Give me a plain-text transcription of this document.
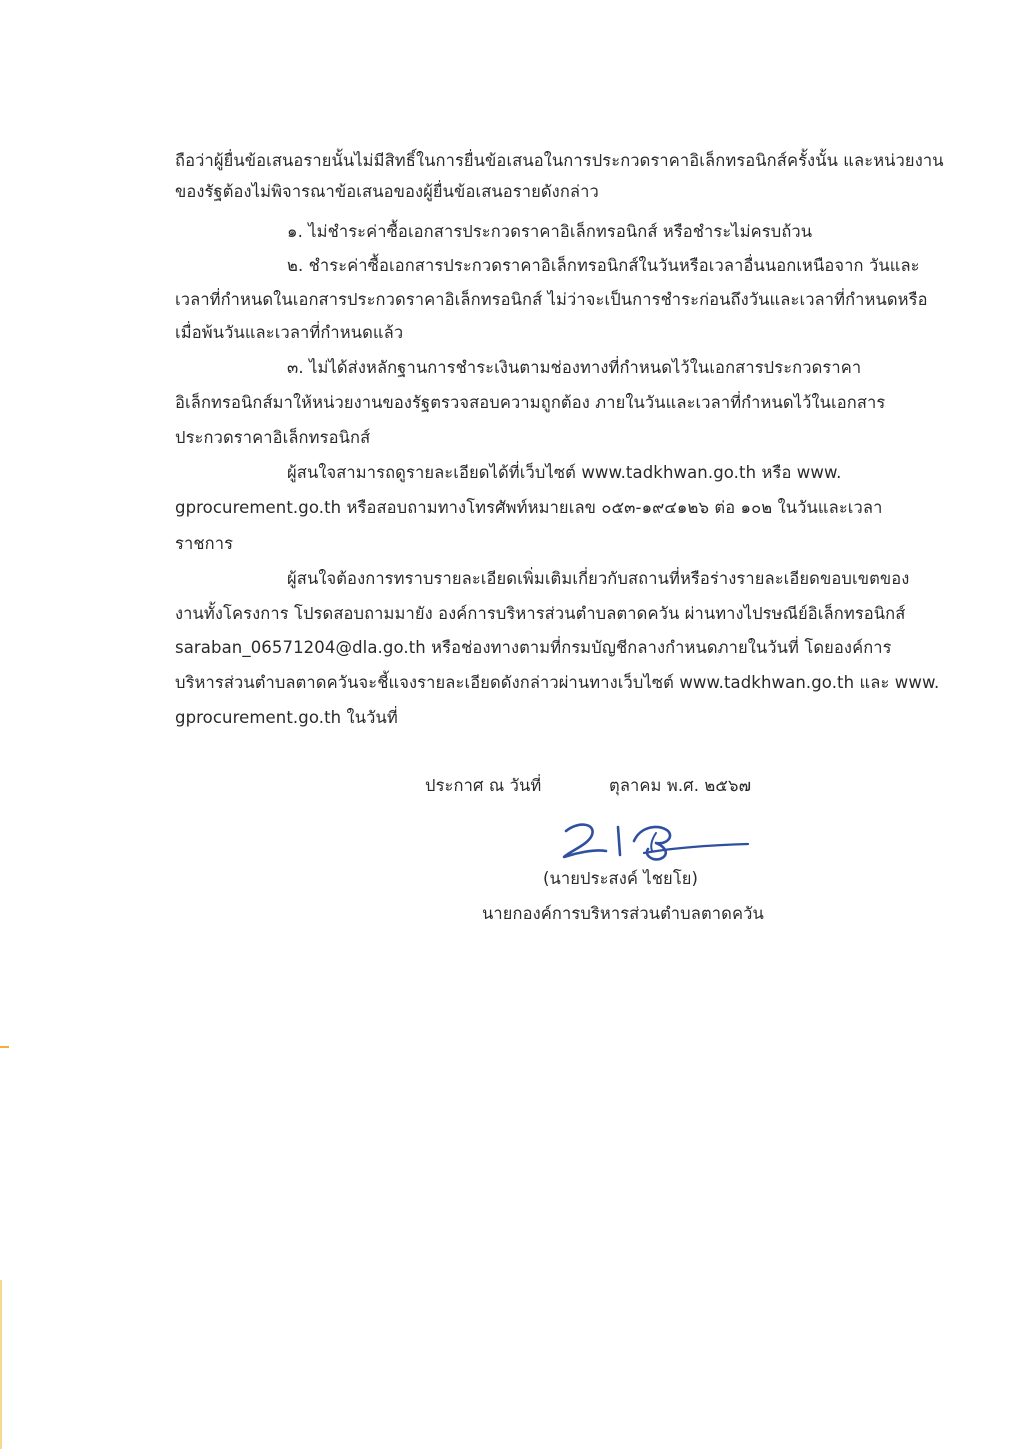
ถือว่าผู้ยื่นข้อเสนอรายนั้นไม่มีสิทธิ์ในการยื่นข้อเสนอในการประกวดราคาอิเล็กทรอนิกส์ครั้งนั้น และหน่วยงาน
ของรัฐต้องไม่พิจารณาข้อเสนอของผู้ยื่นข้อเสนอรายดังกล่าว
๑. ไม่ชำระค่าซื้อเอกสารประกวดราคาอิเล็กทรอนิกส์ หรือชำระไม่ครบถ้วน
๒. ชำระค่าซื้อเอกสารประกวดราคาอิเล็กทรอนิกส์ในวันหรือเวลาอื่นนอกเหนือจาก วันและ
เวลาที่กำหนดในเอกสารประกวดราคาอิเล็กทรอนิกส์ ไม่ว่าจะเป็นการชำระก่อนถึงวันและเวลาที่กำหนดหรือ
เมื่อพ้นวันและเวลาที่กำหนดแล้ว
๓. ไม่ได้ส่งหลักฐานการชำระเงินตามช่องทางที่กำหนดไว้ในเอกสารประกวดราคา
อิเล็กทรอนิกส์มาให้หน่วยงานของรัฐตรวจสอบความถูกต้อง ภายในวันและเวลาที่กำหนดไว้ในเอกสาร
ประกวดราคาอิเล็กทรอนิกส์
ผู้สนใจสามารถดูรายละเอียดได้ที่เว็บไซต์ www.tadkhwan.go.th หรือ www.
gprocurement.go.th หรือสอบถามทางโทรศัพท์หมายเลข ๐๕๓-๑๙๔๑๒๖ ต่อ ๑๐๒ ในวันและเวลา
ราชการ
ผู้สนใจต้องการทราบรายละเอียดเพิ่มเติมเกี่ยวกับสถานที่หรือร่างรายละเอียดขอบเขตของ
งานทั้งโครงการ โปรดสอบถามมายัง องค์การบริหารส่วนตำบลตาดควัน ผ่านทางไปรษณีย์อิเล็กทรอนิกส์
saraban_06571204@dla.go.th หรือช่องทางตามที่กรมบัญชีกลางกำหนดภายในวันที่ โดยองค์การ
บริหารส่วนตำบลตาดควันจะชี้แจงรายละเอียดดังกล่าวผ่านทางเว็บไซต์ www.tadkhwan.go.th และ www.
gprocurement.go.th ในวันที่
ประกาศ ณ วันที่	ตุลาคม พ.ศ. ๒๕๖๗
(นายประสงค์ ไชยโย)
นายกองค์การบริหารส่วนตำบลตาดควัน
